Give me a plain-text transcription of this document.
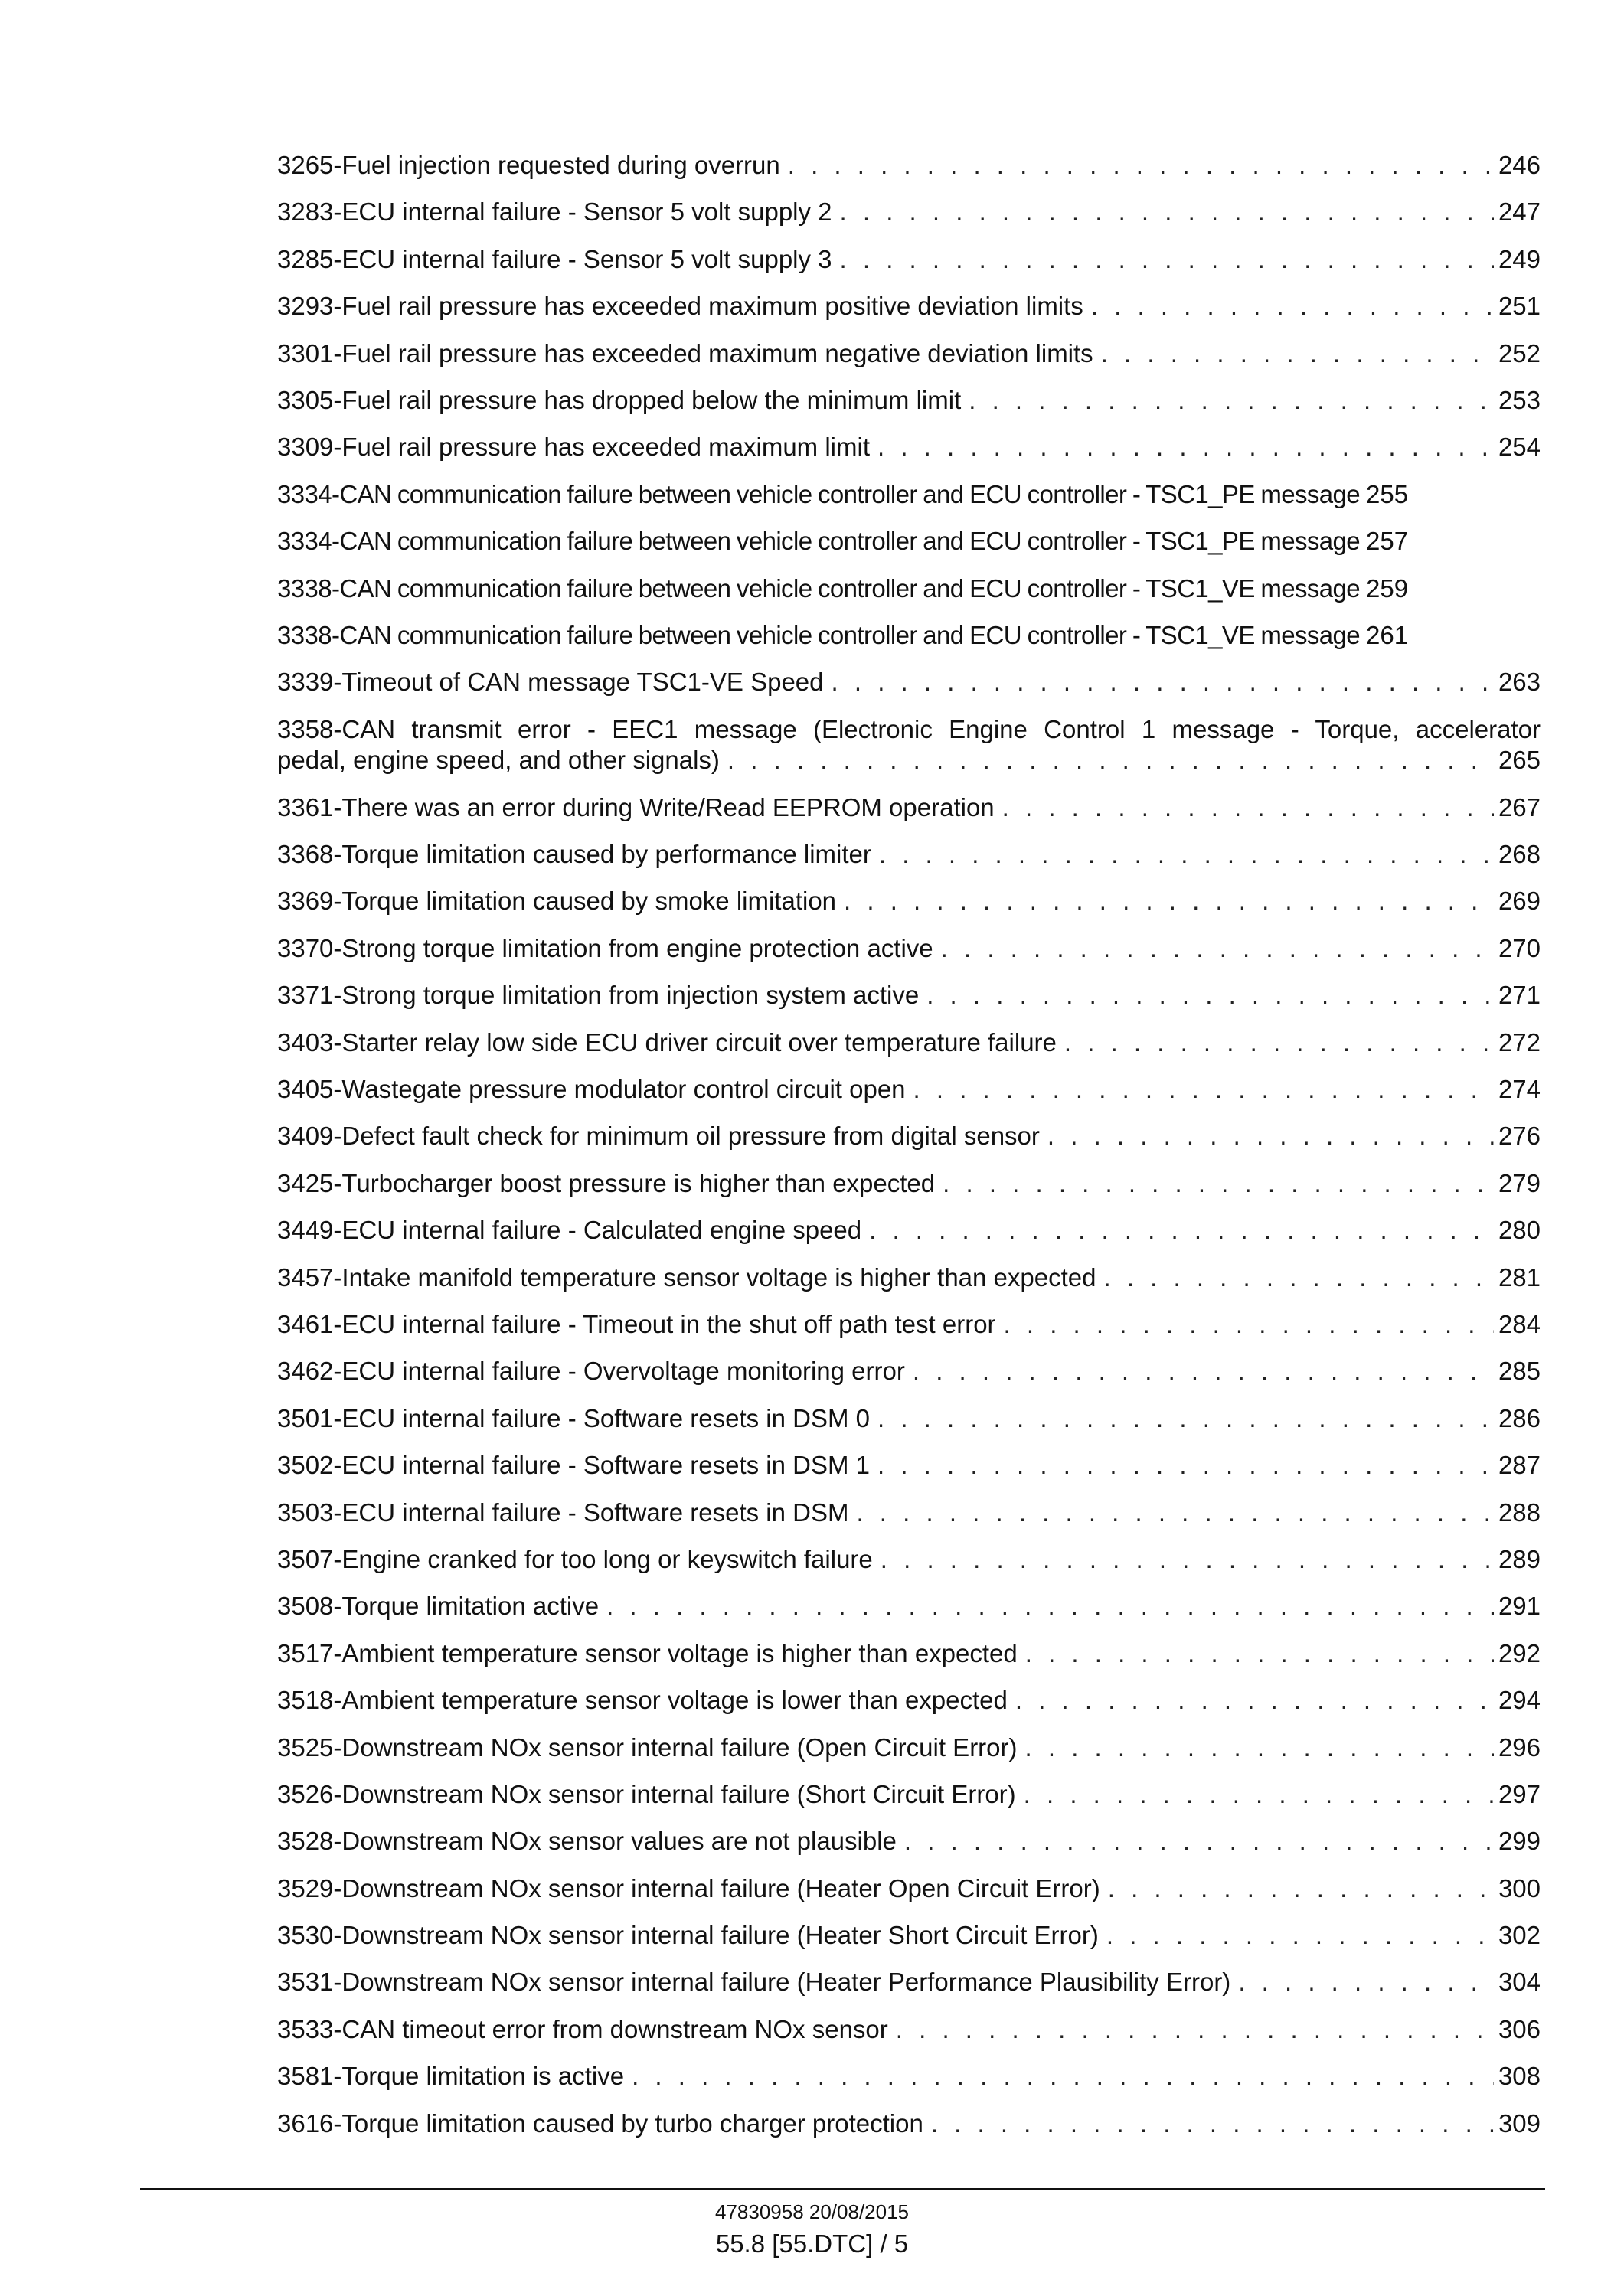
3265-Fuel injection requested during overrun . . .	246
3283-ECU internal failure - Sensor 5 volt supply 2 . . .	247
3285-ECU internal failure - Sensor 5 volt supply 3 . . .	249
3293-Fuel rail pressure has exceeded maximum positive deviation limits . . .	251
3301-Fuel rail pressure has exceeded maximum negative deviation limits . . .	252
3305-Fuel rail pressure has dropped below the minimum limit . . .	253
3309-Fuel rail pressure has exceeded maximum limit . . .	254
3334-CAN communication failure between vehicle controller and ECU controller - TSC1_PE message 255
3334-CAN communication failure between vehicle controller and ECU controller - TSC1_PE message 257
3338-CAN communication failure between vehicle controller and ECU controller - TSC1_VE message 259
3338-CAN communication failure between vehicle controller and ECU controller - TSC1_VE message 261
3339-Timeout of CAN message TSC1-VE Speed . . .	263
3358-CAN transmit error - EEC1 message (Electronic Engine Control 1 message - Torque, accelerator
pedal, engine speed, and other signals) . . .	265
3361-There was an error during Write/Read EEPROM operation . . .	267
3368-Torque limitation caused by performance limiter . . .	268
3369-Torque limitation caused by smoke limitation . . .	269
3370-Strong torque limitation from engine protection active . . .	270
3371-Strong torque limitation from injection system active . . .	271
3403-Starter relay low side ECU driver circuit over temperature failure . . .	272
3405-Wastegate pressure modulator control circuit open . . .	274
3409-Defect fault check for minimum oil pressure from digital sensor . . .	276
3425-Turbocharger boost pressure is higher than expected . . .	279
3449-ECU internal failure - Calculated engine speed . . .	280
3457-Intake manifold temperature sensor voltage is higher than expected . . .	281
3461-ECU internal failure - Timeout in the shut off path test error . . .	284
3462-ECU internal failure - Overvoltage monitoring error . . .	285
3501-ECU internal failure - Software resets in DSM 0 . . .	286
3502-ECU internal failure - Software resets in DSM 1 . . .	287
3503-ECU internal failure - Software resets in DSM . . .	288
3507-Engine cranked for too long or keyswitch failure . . .	289
3508-Torque limitation active . . .	291
3517-Ambient temperature sensor voltage is higher than expected . . .	292
3518-Ambient temperature sensor voltage is lower than expected . . .	294
3525-Downstream NOx sensor internal failure (Open Circuit Error) . . .	296
3526-Downstream NOx sensor internal failure (Short Circuit Error) . . .	297
3528-Downstream NOx sensor values are not plausible . . .	299
3529-Downstream NOx sensor internal failure (Heater Open Circuit Error) . . .	300
3530-Downstream NOx sensor internal failure (Heater Short Circuit Error) . . .	302
3531-Downstream NOx sensor internal failure (Heater Performance Plausibility Error) . . .	304
3533-CAN timeout error from downstream NOx sensor . . .	306
3581-Torque limitation is active . . .	308
3616-Torque limitation caused by turbo charger protection . . .	309
47830958 20/08/2015
55.8 [55.DTC] / 5
